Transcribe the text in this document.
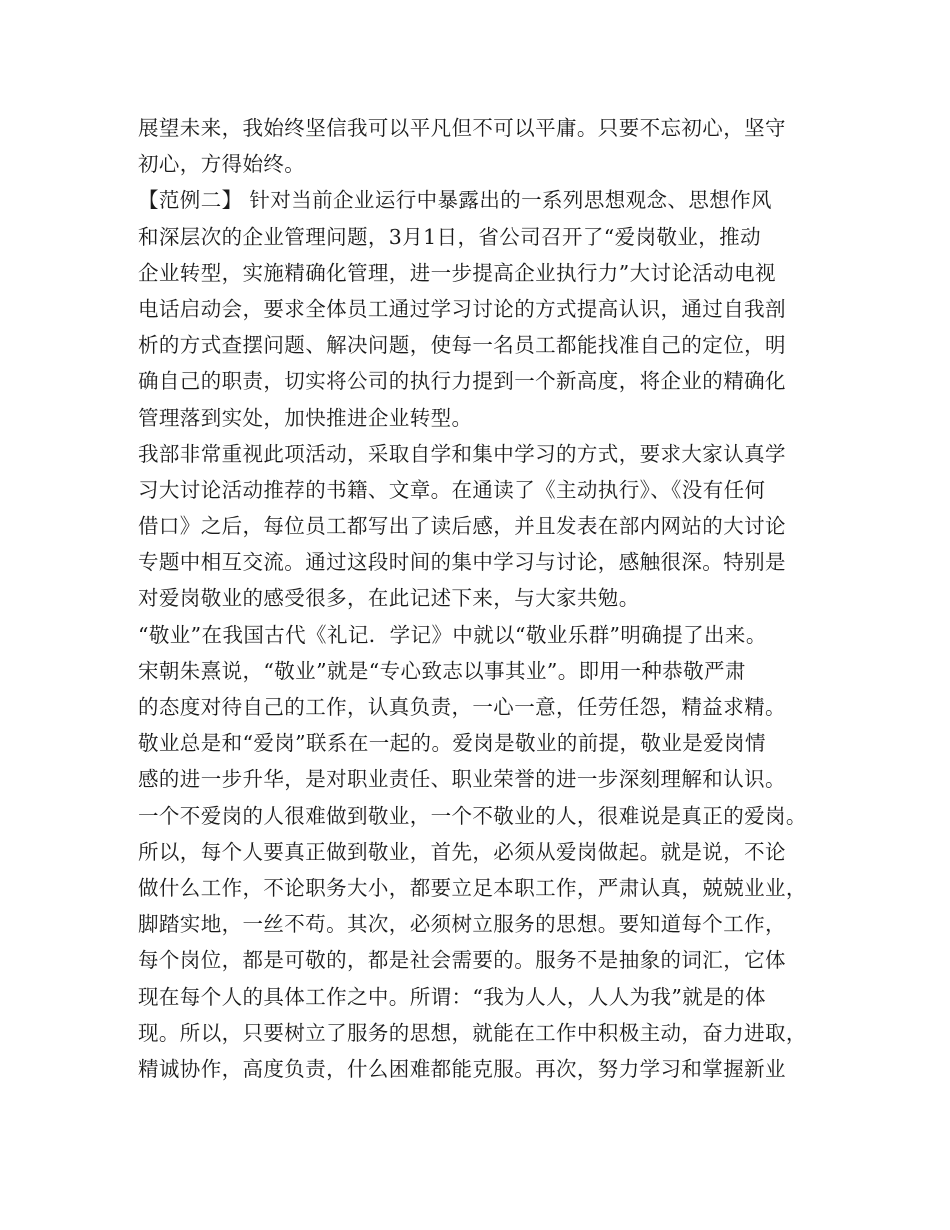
展望未来，我始终坚信我可以平凡但不可以平庸。只要不忘初心，坚守
初心，方得始终。
【范例二】 针对当前企业运行中暴露出的一系列思想观念、思想作风
和深层次的企业管理问题，3月1日，省公司召开了“爱岗敬业，推动
企业转型，实施精确化管理，进一步提高企业执行力”大讨论活动电视
电话启动会，要求全体员工通过学习讨论的方式提高认识，通过自我剖
析的方式查摆问题、解决问题，使每一名员工都能找准自己的定位，明
确自己的职责，切实将公司的执行力提到一个新高度，将企业的精确化
管理落到实处，加快推进企业转型。
我部非常重视此项活动，采取自学和集中学习的方式，要求大家认真学
习大讨论活动推荐的书籍、文章。在通读了《主动执行》、《没有任何
借口》之后，每位员工都写出了读后感，并且发表在部内网站的大讨论
专题中相互交流。通过这段时间的集中学习与讨论，感触很深。特别是
对爱岗敬业的感受很多，在此记述下来，与大家共勉。
“敬业”在我国古代《礼记．学记》中就以“敬业乐群”明确提了出来。
宋朝朱熹说，“敬业”就是“专心致志以事其业”。即用一种恭敬严肃
的态度对待自己的工作，认真负责，一心一意，任劳任怨，精益求精。
敬业总是和“爱岗”联系在一起的。爱岗是敬业的前提，敬业是爱岗情
感的进一步升华，是对职业责任、职业荣誉的进一步深刻理解和认识。
一个不爱岗的人很难做到敬业，一个不敬业的人，很难说是真正的爱岗。
所以，每个人要真正做到敬业，首先，必须从爱岗做起。就是说，不论
做什么工作，不论职务大小，都要立足本职工作，严肃认真，兢兢业业，
脚踏实地，一丝不苟。其次，必须树立服务的思想。要知道每个工作，
每个岗位，都是可敬的，都是社会需要的。服务不是抽象的词汇，它体
现在每个人的具体工作之中。所谓：“我为人人，人人为我”就是的体
现。所以，只要树立了服务的思想，就能在工作中积极主动，奋力进取，
精诚协作，高度负责，什么困难都能克服。再次，努力学习和掌握新业
